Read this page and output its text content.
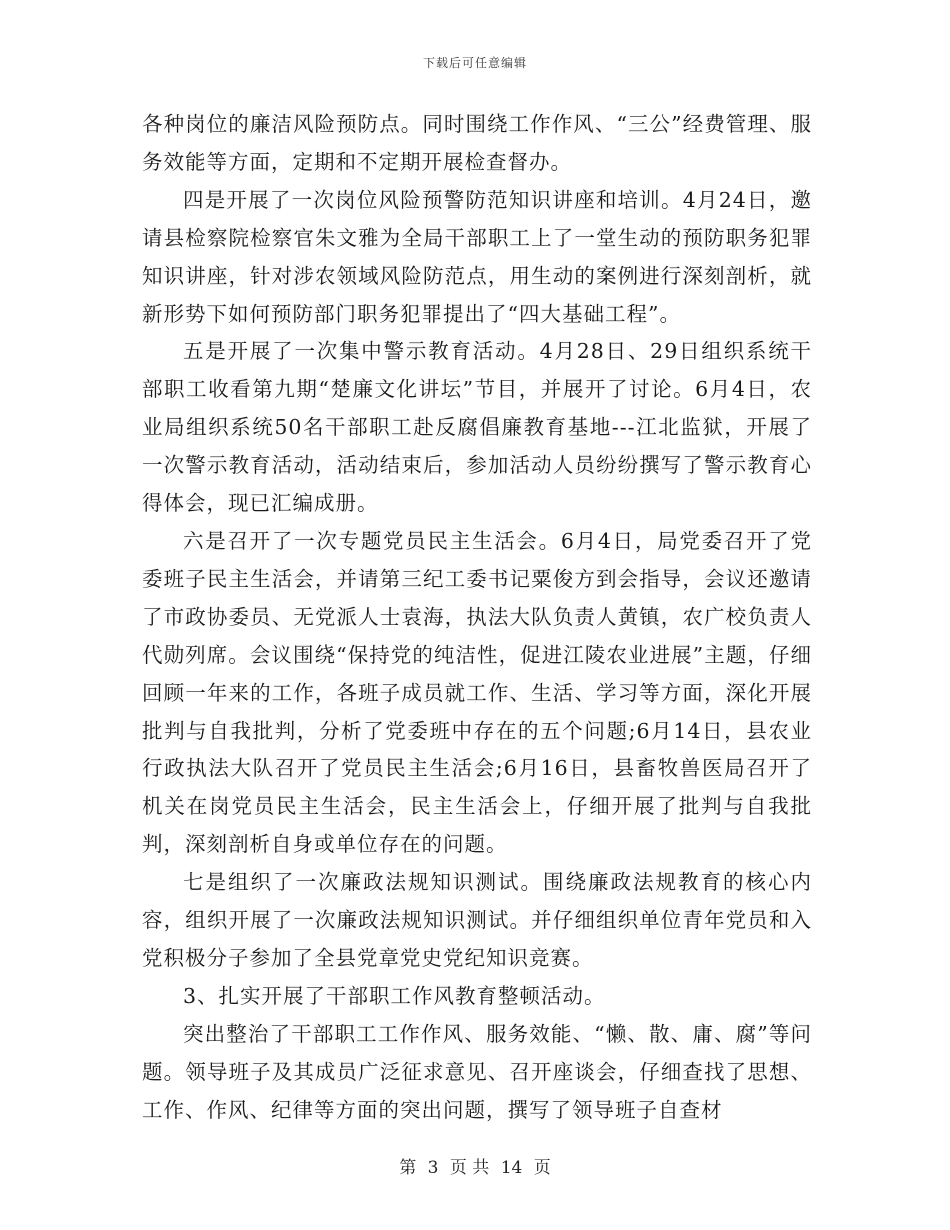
下载后可任意编辑

各种岗位的廉洁风险预防点。同时围绕工作作风、“三公”经费管理、服务效能等方面，定期和不定期开展检查督办。

四是开展了一次岗位风险预警防范知识讲座和培训。4月24日，邀请县检察院检察官朱文雅为全局干部职工上了一堂生动的预防职务犯罪知识讲座，针对涉农领域风险防范点，用生动的案例进行深刻剖析，就新形势下如何预防部门职务犯罪提出了“四大基础工程”。

五是开展了一次集中警示教育活动。4月28日、29日组织系统干部职工收看第九期“楚廉文化讲坛”节目，并展开了讨论。6月4日，农业局组织系统50名干部职工赴反腐倡廉教育基地---江北监狱，开展了一次警示教育活动，活动结束后，参加活动人员纷纷撰写了警示教育心得体会，现已汇编成册。

六是召开了一次专题党员民主生活会。6月4日，局党委召开了党委班子民主生活会，并请第三纪工委书记粟俊方到会指导，会议还邀请了市政协委员、无党派人士袁海，执法大队负责人黄镇，农广校负责人代勋列席。会议围绕“保持党的纯洁性，促进江陵农业进展”主题，仔细回顾一年来的工作，各班子成员就工作、生活、学习等方面，深化开展批判与自我批判，分析了党委班中存在的五个问题;6月14日，县农业行政执法大队召开了党员民主生活会;6月16日，县畜牧兽医局召开了机关在岗党员民主生活会，民主生活会上，仔细开展了批判与自我批判，深刻剖析自身或单位存在的问题。

七是组织了一次廉政法规知识测试。围绕廉政法规教育的核心内容，组织开展了一次廉政法规知识测试。并仔细组织单位青年党员和入党积极分子参加了全县党章党史党纪知识竞赛。

3、扎实开展了干部职工作风教育整顿活动。

突出整治了干部职工工作作风、服务效能、“懒、散、庸、腐”等问题。领导班子及其成员广泛征求意见、召开座谈会，仔细查找了思想、工作、作风、纪律等方面的突出问题，撰写了领导班子自查材

第 3 页 共 14 页
